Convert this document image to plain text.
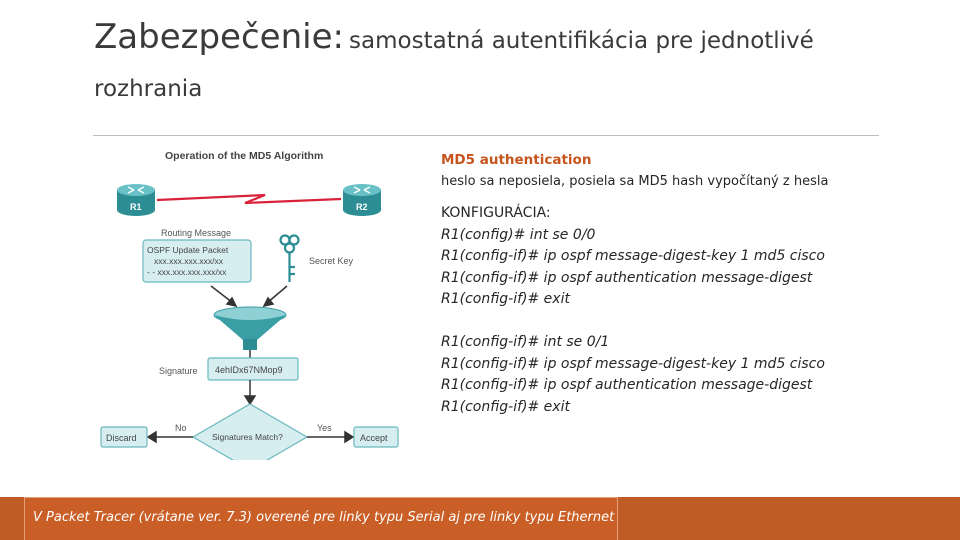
Zabezpečenie: samostatná autentifikácia pre jednotlivé rozhrania
Operation of the MD5 Algorithm
R1	R2
Routing Message
OSPF Update Packet
xxx.xxx.xxx.xxx/xx
- - xxx.xxx.xxx.xxx/xx
Secret Key
Signature 4ehIDx67NMop9
Signatures Match?
No
Discard
Yes
Accept
MD5 authentication
heslo sa neposiela, posiela sa MD5 hash vypočítaný z hesla
KONFIGURÁCIA:
R1(config)# int se 0/0
R1(config-if)# ip ospf message-digest-key 1 md5 cisco
R1(config-if)# ip ospf authentication message-digest
R1(config-if)# exit
R1(config-if)# int se 0/1
R1(config-if)# ip ospf message-digest-key 1 md5 cisco
R1(config-if)# ip ospf authentication message-digest
R1(config-if)# exit
V Packet Tracer (vrátane ver. 7.3) overené pre linky typu Serial aj pre linky typu Ethernet
